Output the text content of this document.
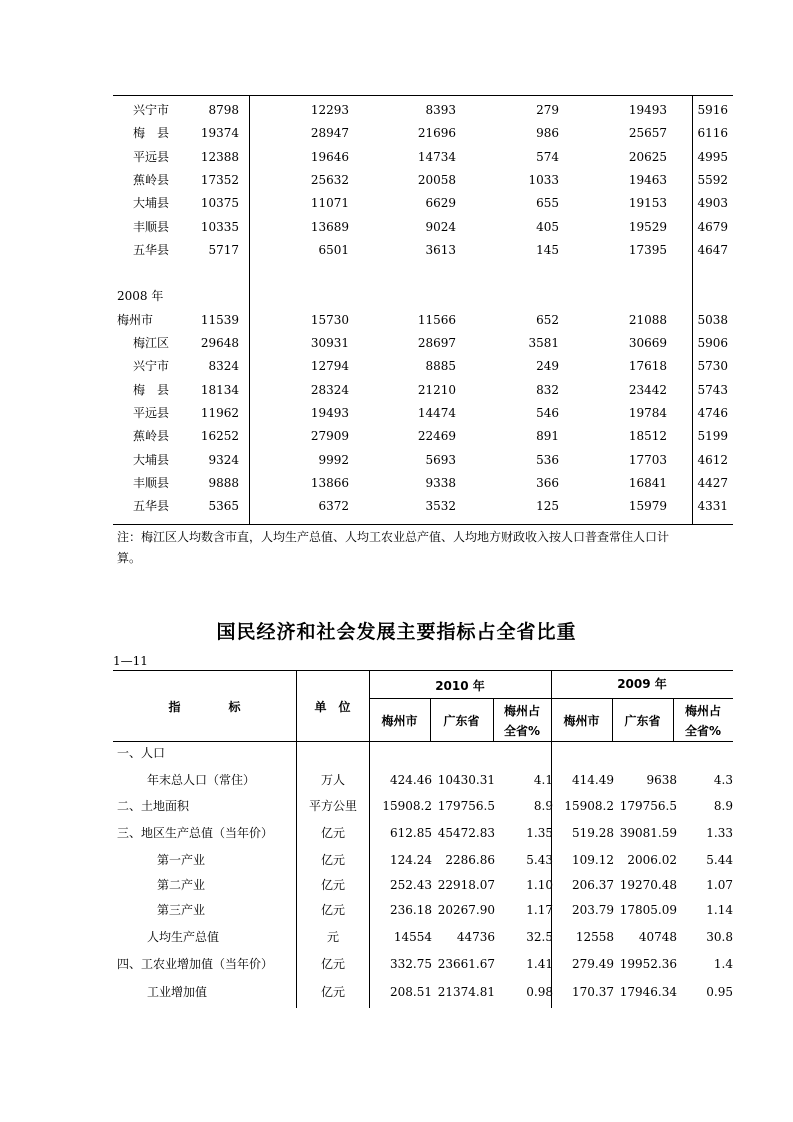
兴宁市	8798	12293	8393	279	19493	5916
梅　县	19374	28947	21696	986	25657	6116
平远县	12388	19646	14734	574	20625	4995
蕉岭县	17352	25632	20058	1033	19463	5592
大埔县	10375	11071	6629	655	19153	4903
丰顺县	10335	13689	9024	405	19529	4679
五华县	5717	6501	3613	145	17395	4647
2008 年
梅州市	11539	15730	11566	652	21088	5038
梅江区	29648	30931	28697	3581	30669	5906
兴宁市	8324	12794	8885	249	17618	5730
梅　县	18134	28324	21210	832	23442	5743
平远县	11962	19493	14474	546	19784	4746
蕉岭县	16252	27909	22469	891	18512	5199
大埔县	9324	9992	5693	536	17703	4612
丰顺县	9888	13866	9338	366	16841	4427
五华县	5365	6372	3532	125	15979	4331
注：梅江区人均数含市直，人均生产总值、人均工农业总产值、人均地方财政收入按人口普查常住人口计
算。
国民经济和社会发展主要指标占全省比重
1—11
指　　　　标	单　位
2010 年	2009 年
梅州市	广东省
梅州占
全省%
梅州市	广东省
梅州占
全省%
一、人口
年末总人口（常住）	万人	424.46 10430.31	4.1 414.49	9638	4.3
二、土地面积	平方公里	15908.2 179756.5	8.9 15908.2 179756.5	8.9
三、地区生产总值（当年价）	亿元	612.85 45472.83	1.35 519.28 39081.59 1.33
第一产业	亿元	124.24 2286.86	5.43 109.12 2006.02 5.44
第二产业	亿元	252.43 22918.07	1.10 206.37 19270.48 1.07
第三产业	亿元	236.18 20267.90	1.17 203.79 17805.09 1.14
人均生产总值	元	14554 44736	32.5 12558 40748 30.8
四、工农业增加值（当年价）	亿元	332.75 23661.67	1.41 279.49 19952.36	1.4
工业增加值	亿元	208.51 21374.81	0.98 170.37 17946.34 0.95
